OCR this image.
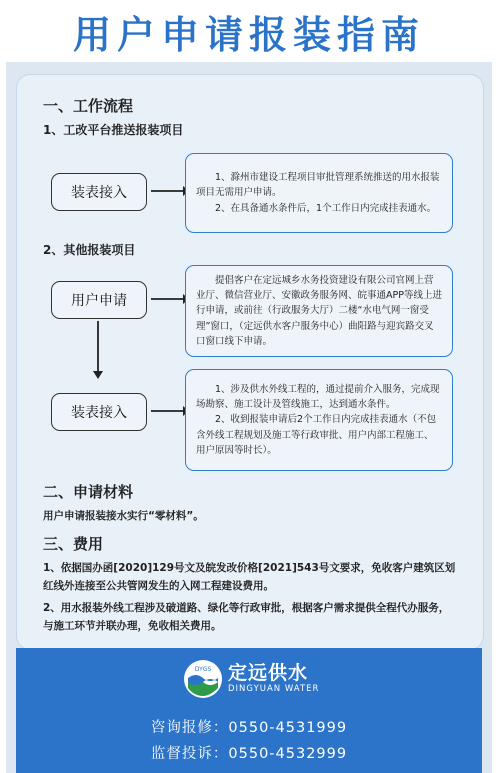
用户申请报装指南
一、工作流程
1、工改平台推送报装项目
装表接入

1、滁州市建设工程项目审批管理系统推送的用水报装项目无需用户申请。

2、在具备通水条件后，1个工作日内完成挂表通水。

2、其他报装项目
用户申请

提倡客户在定远城乡水务投资建设有限公司官网上营业厅、微信营业厅、安徽政务服务网、皖事通APP等线上进行申请，或前往（行政服务大厅）二楼“水电气网一窗受理”窗口，（定远供水客户服务中心）曲阳路与迎宾路交叉口窗口线下申请。

装表接入

1、涉及供水外线工程的，通过提前介入服务，完成现场勘察、施工设计及管线施工，达到通水条件。

2、收到报装申请后2个工作日内完成挂表通水（不包含外线工程规划及施工等行政审批、用户内部工程施工、用户原因等时长）。

二、申请材料
用户申请报装接水实行“零材料”。
三、费用
1、依据国办函[2020]129号文及皖发改价格[2021]543号文要求，免收客户建筑区划红线外连接至公共管网发生的入网工程建设费用。
2、用水报装外线工程涉及破道路、绿化等行政审批，根据客户需求提供全程代办服务，与施工环节并联办理，免收相关费用。
DYGS 定远供水
DINGYUAN WATER
咨询报修：0550-4531999
监督投诉：0550-4532999
